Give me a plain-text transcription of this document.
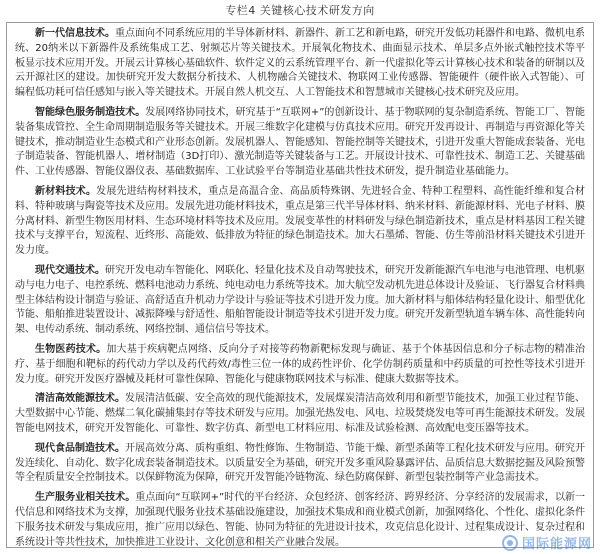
专栏4 关键核心技术研发方向

新一代信息技术。重点面向不同系统应用的半导体新材料、新器件、新工艺和新电路，研究开发低功耗器件和电路、微机电系统、20纳米以下新器件及系统集成工艺、射频芯片等关键技术。开展氧化物技术、曲面显示技术、单层多点外嵌式触控技术等平板显示技术应用开发。开展云计算核心基础软件、软件定义的云系统管理平台、新一代虚拟化等云计算核心技术和装备的研制以及云开源社区的建设。加快研究开发大数据分析技术、人机物融合关键技术、物联网工业传感器、智能硬件（硬件嵌入式智能）、可编程低功耗可信任感知与嵌入等关键技术。开展自然人机交互、人工智能技术和智慧城市关键核心技术研究及应用。

智能绿色服务制造技术。发展网络协同技术，研究基于“互联网+”的创新设计、基于物联网的复杂制造系统、智能工厂、智能装备集成管控、全生命周期制造服务等关键技术。开展三维数字化建模与仿真技术应用。研究开发再设计、再制造与再资源化等关键技术，推动制造业生态模式和产业形态创新。发展机器人、智能感知、智能控制等关键技术，引进开发重大智能成套装备、光电子制造装备、智能机器人、增材制造（3D打印）、激光制造等关键装备与工艺。开展设计技术、可靠性技术、制造工艺、关键基础件、工业传感器、智能仪器仪表、基础数据库、工业试验平台等制造业基础共性技术研发，提升制造业基础能力。

新材料技术。发展先进结构材料技术，重点是高温合金、高品质特殊钢、先进轻合金、特种工程塑料、高性能纤维和复合材料、特种玻璃与陶瓷等技术及应用。发展先进功能材料技术，重点是第三代半导体材料、纳米材料、新能源材料、光电子材料、膜分离材料、新型生物医用材料、生态环境材料等技术及应用。发展变革性的材料研发与绿色制造新技术，重点是材料基因工程关键技术与支撑平台，短流程、近终形、高能效、低排放为特征的绿色制造技术。加大石墨烯、智能、仿生等前沿材料关键技术引进开发力度。

现代交通技术。研究开发电动车智能化、网联化、轻量化技术及自动驾驶技术，研究开发新能源汽车电池与电池管理、电机驱动与电力电子、电控系统、燃料电池动力系统、纯电动电力系统等技术。加大航空发动机先进总体设计及验证、飞行器复合材料典型主体结构设计制造与验证、高舒适直升机动力学设计与验证等技术引进开发力度。加大新材料与船体结构轻量化设计、船型优化节能、船舶推进装置设计、减振降噪与舒适性、船舶智能设计制造等技术引进开发力度。研究开发新型轨道车辆车体、高性能转向架、电传动系统、制动系统、网络控制、通信信号等技术。

生物医药技术。加大基于疾病靶点网络、反向分子对接等药物新靶标发现与确证、基于个体基因信息和分子标志物的精准治疗、基于细胞和靶标的药代动力学以及药代药效/毒性三位一体的成药性评价、化学仿制药质量和中药质量的可控性等技术引进开发力度。研究开发医疗器械及耗材可靠性保障、智能化与健康物联网技术与标准、健康大数据等技术。

清洁高效能源技术。发展清洁低碳、安全高效的现代能源技术，发展煤炭清洁高效利用和新型节能技术，加强工业过程节能、大型数据中心节能、燃煤二氧化碳捕集封存等技术研发与应用。加强光热发电、风电、垃圾焚烧发电等可再生能源技术研发。发展智能电网技术，研究开发智能化、可靠性、数字仿真、新型电工材料应用、标准及试验检测、高效配电变压器等技术。

现代食品制造技术。开展高效分离、质构重组、物性修饰、生物制造、节能干燥、新型杀菌等工程化技术研发与应用。研究开发连续化、自动化、数字化成套装备制造技术。以质量安全为基础，研究开发多重风险暴露评估、品质信息大数据挖掘及风险预警等全程质量安全控制技术。以保鲜物流为保障，研究开发智能冷链物流、绿色防腐保鲜、新型包装控制等产业急需技术。

生产服务业相关技术。重点面向“互联网+”时代的平台经济、众包经济、创客经济、跨界经济、分享经济的发展需求，以新一代信息和网络技术为支撑，加强现代服务业技术基础设施建设，加强技术集成和商业模式创新，加强网络化、个性化、虚拟化条件下服务技术研发与集成应用，推广应用以绿色、智能、协同为特征的先进设计技术，攻克信息化设计、过程集成设计、复杂过程和系统设计等共性技术，加快推进工业设计、文化创意和相关产业融合发展。	国际能源网
